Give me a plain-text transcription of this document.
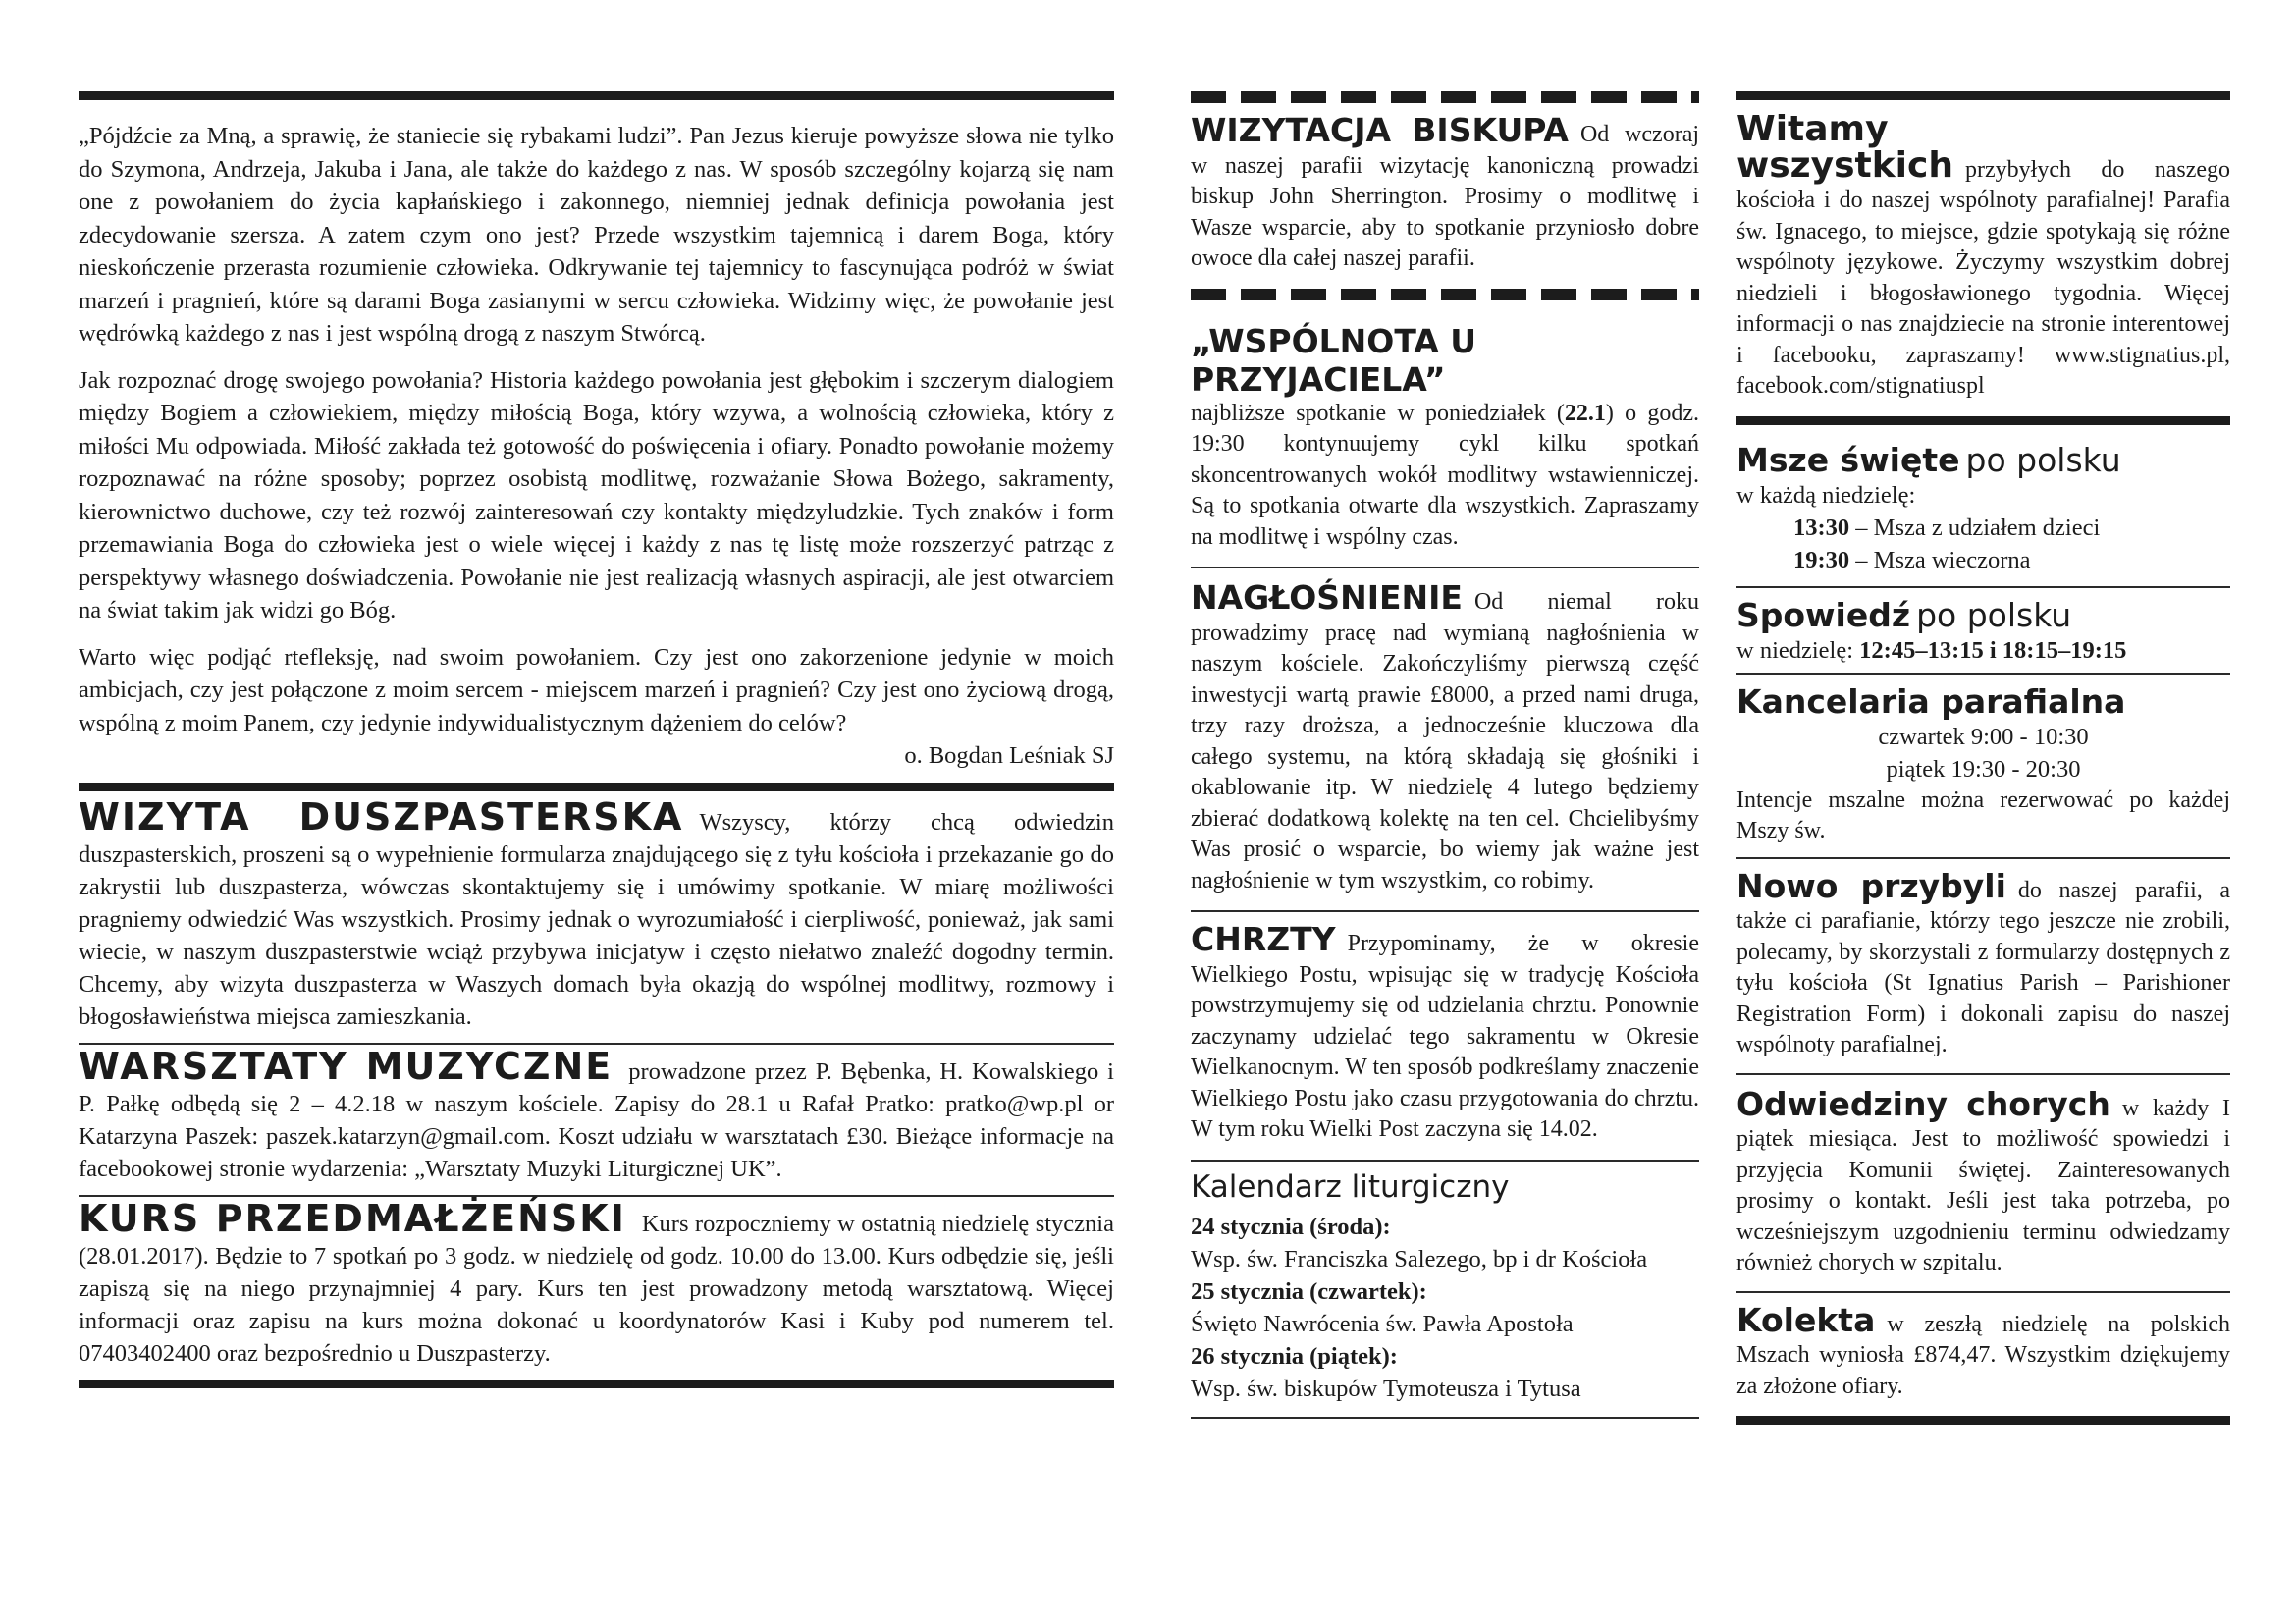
„Pójdźcie za Mną, a sprawię, że staniecie się rybakami ludzi”. Pan Jezus kieruje powyższe słowa nie tylko do Szymona, Andrzeja, Jakuba i Jana, ale także do każdego z nas. W sposób szczególny kojarzą się nam one z powołaniem do życia kapłańskiego i zakonnego, niemniej jednak definicja powołania jest zdecydowanie szersza. A zatem czym ono jest? Przede wszystkim tajemnicą i darem Boga, który nieskończenie przerasta rozumienie człowieka. Odkrywanie tej tajemnicy to fascynująca podróż w świat marzeń i pragnień, które są darami Boga zasianymi w sercu człowieka. Widzimy więc, że powołanie jest wędrówką każdego z nas i jest wspólną drogą z naszym Stwórcą.

Jak rozpoznać drogę swojego powołania? Historia każdego powołania jest głębokim i szczerym dialogiem między Bogiem a człowiekiem, między miłością Boga, który wzywa, a wolnością człowieka, który z miłości Mu odpowiada. Miłość zakłada też gotowość do poświęcenia i ofiary. Ponadto powołanie możemy rozpoznawać na różne sposoby; poprzez osobistą modlitwę, rozważanie Słowa Bożego, sakramenty, kierownictwo duchowe, czy też rozwój zainteresowań czy kontakty międzyludzkie. Tych znaków i form przemawiania Boga do człowieka jest o wiele więcej i każdy z nas tę listę może rozszerzyć patrząc z perspektywy własnego doświadczenia. Powołanie nie jest realizacją własnych aspiracji, ale jest otwarciem na świat takim jak widzi go Bóg.

Warto więc podjąć rtefleksję, nad swoim powołaniem. Czy jest ono zakorzenione jedynie w moich ambicjach, czy jest połączone z moim sercem - miejscem marzeń i pragnień? Czy jest ono życiową drogą, wspólną z moim Panem, czy jedynie indywidualistycznym dążeniem do celów?

o. Bogdan Leśniak SJ

WIZYTA DUSZPASTERSKA Wszyscy, którzy chcą odwiedzin duszpasterskich, proszeni są o wypełnienie formularza znajdującego się z tyłu kościoła i przekazanie go do zakrystii lub duszpasterza, wówczas skontaktujemy się i umówimy spotkanie. W miarę możliwości pragniemy odwiedzić Was wszystkich. Prosimy jednak o wyrozumiałość i cierpliwość, ponieważ, jak sami wiecie, w naszym duszpasterstwie wciąż przybywa inicjatyw i często niełatwo znaleźć dogodny termin. Chcemy, aby wizyta duszpasterza w Waszych domach była okazją do wspólnej modlitwy, rozmowy i błogosławieństwa miejsca zamieszkania.

WARSZTATY MUZYCZNE prowadzone przez P. Bębenka, H. Kowalskiego i P. Pałkę odbędą się 2 – 4.2.18 w naszym kościele. Zapisy do 28.1 u Rafał Pratko: pratko@wp.pl or Katarzyna Paszek: paszek.katarzyn@gmail.com. Koszt udziału w warsztatach £30. Bieżące informacje na facebookowej stronie wydarzenia: „Warsztaty Muzyki Liturgicznej UK”.

KURS PRZEDMAŁŻEŃSKI Kurs rozpoczniemy w ostatnią niedzielę stycznia (28.01.2017). Będzie to 7 spotkań po 3 godz. w niedzielę od godz. 10.00 do 13.00. Kurs odbędzie się, jeśli zapiszą się na niego przynajmniej 4 pary. Kurs ten jest prowadzony metodą warsztatową. Więcej informacji oraz zapisu na kurs można dokonać u koordynatorów Kasi i Kuby pod numerem tel. 07403402400 oraz bezpośrednio u Duszpasterzy.

WIZYTACJA BISKUPA Od wczoraj w naszej parafii wizytację kanoniczną prowadzi biskup John Sherrington. Prosimy o modlitwę i Wasze wsparcie, aby to spotkanie przyniosło dobre owoce dla całej naszej parafii.

„WSPÓLNOTA U PRZYJACIELA”

najbliższe spotkanie w poniedziałek (22.1) o godz. 19:30 kontynuujemy cykl kilku spotkań skoncentrowanych wokół modlitwy wstawienniczej. Są to spotkania otwarte dla wszystkich. Zapraszamy na modlitwę i wspólny czas.

NAGŁOŚNIENIE Od niemal roku prowadzimy pracę nad wymianą nagłośnienia w naszym kościele. Zakończyliśmy pierwszą część inwestycji wartą prawie £8000, a przed nami druga, trzy razy droższa, a jednocześnie kluczowa dla całego systemu, na którą składają się głośniki i okablowanie itp. W niedzielę 4 lutego będziemy zbierać dodatkową kolektę na ten cel. Chcielibyśmy Was prosić o wsparcie, bo wiemy jak ważne jest nagłośnienie w tym wszystkim, co robimy.

CHRZTY Przypominamy, że w okresie Wielkiego Postu, wpisując się w tradycję Kościoła powstrzymujemy się od udzielania chrztu. Ponownie zaczynamy udzielać tego sakramentu w Okresie Wielkanocnym. W ten sposób podkreślamy znaczenie Wielkiego Postu jako czasu przygotowania do chrztu. W tym roku Wielki Post zaczyna się 14.02.

Kalendarz liturgiczny
24 stycznia (środa):
Wsp. św. Franciszka Salezego, bp i dr Kościoła
25 stycznia (czwartek):
Święto Nawrócenia św. Pawła Apostoła
26 stycznia (piątek):
Wsp. św. biskupów Tymoteusza i Tytusa

Witamy wszystkich przybyłych do naszego kościoła i do naszej wspólnoty parafialnej! Parafia św. Ignacego, to miejsce, gdzie spotykają się różne wspólnoty językowe. Życzymy wszystkim dobrej niedzieli i błogosławionego tygodnia. Więcej informacji o nas znajdziecie na stronie interentowej i facebooku, zapraszamy! www.stignatius.pl, facebook.com/stignatiuspl

Msze święte po polsku
w każdą niedzielę:
13:30 – Msza z udziałem dzieci
19:30 – Msza wieczorna
Spowiedź po polsku
w niedzielę: 12:45–13:15 i 18:15–19:15
Kancelaria parafialna
czwartek 9:00 - 10:30
piątek 19:30 - 20:30

Intencje mszalne można rezerwować po każdej Mszy św.

Nowo przybyli do naszej parafii, a także ci parafianie, którzy tego jeszcze nie zrobili, polecamy, by skorzystali z formularzy dostępnych z tyłu kościoła (St Ignatius Parish – Parishioner Registration Form) i dokonali zapisu do naszej wspólnoty parafialnej.

Odwiedziny chorych w każdy I piątek miesiąca. Jest to możliwość spowiedzi i przyjęcia Komunii świętej. Zainteresowanych prosimy o kontakt. Jeśli jest taka potrzeba, po wcześniejszym uzgodnieniu terminu odwiedzamy również chorych w szpitalu.

Kolekta w zeszłą niedzielę na polskich Mszach wyniosła £874,47. Wszystkim dziękujemy za złożone ofiary.
